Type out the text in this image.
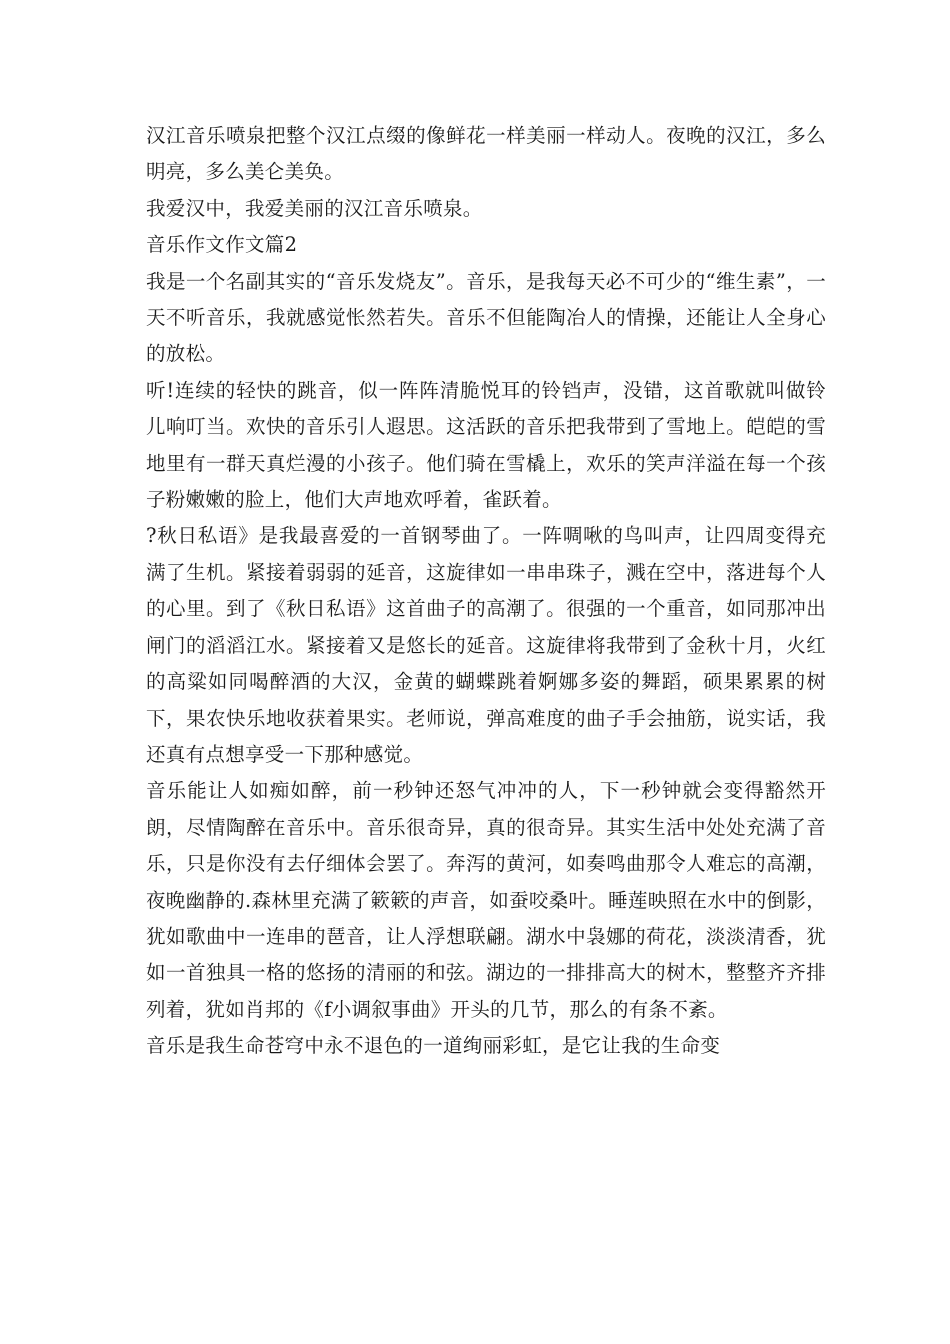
汉江音乐喷泉把整个汉江点缀的像鲜花一样美丽一样动人。夜晚的汉江，多么明亮，多么美仑美奂。

我爱汉中，我爱美丽的汉江音乐喷泉。

音乐作文作文篇2

我是一个名副其实的“音乐发烧友”。音乐，是我每天必不可少的“维生素”，一天不听音乐，我就感觉怅然若失。音乐不但能陶冶人的情操，还能让人全身心的放松。

听!连续的轻快的跳音，似一阵阵清脆悦耳的铃铛声，没错，这首歌就叫做铃儿响叮当。欢快的音乐引人遐思。这活跃的音乐把我带到了雪地上。皑皑的雪地里有一群天真烂漫的小孩子。他们骑在雪橇上，欢乐的笑声洋溢在每一个孩子粉嫩嫩的脸上，他们大声地欢呼着，雀跃着。

?秋日私语》是我最喜爱的一首钢琴曲了。一阵啁啾的鸟叫声，让四周变得充满了生机。紧接着弱弱的延音，这旋律如一串串珠子，溅在空中，落进每个人的心里。到了《秋日私语》这首曲子的高潮了。很强的一个重音，如同那冲出闸门的滔滔江水。紧接着又是悠长的延音。这旋律将我带到了金秋十月，火红的高粱如同喝醉酒的大汉，金黄的蝴蝶跳着婀娜多姿的舞蹈，硕果累累的树下，果农快乐地收获着果实。老师说，弹高难度的曲子手会抽筋，说实话，我还真有点想享受一下那种感觉。

音乐能让人如痴如醉，前一秒钟还怒气冲冲的人，下一秒钟就会变得豁然开朗，尽情陶醉在音乐中。音乐很奇异，真的很奇异。其实生活中处处充满了音乐，只是你没有去仔细体会罢了。奔泻的黄河，如奏鸣曲那令人难忘的高潮，夜晚幽静的.森林里充满了簌簌的声音，如蚕咬桑叶。睡莲映照在水中的倒影，犹如歌曲中一连串的琶音，让人浮想联翩。湖水中袅娜的荷花，淡淡清香，犹如一首独具一格的悠扬的清丽的和弦。湖边的一排排高大的树木，整整齐齐排列着，犹如肖邦的《f小调叙事曲》开头的几节，那么的有条不紊。

音乐是我生命苍穹中永不退色的一道绚丽彩虹，是它让我的生命变
